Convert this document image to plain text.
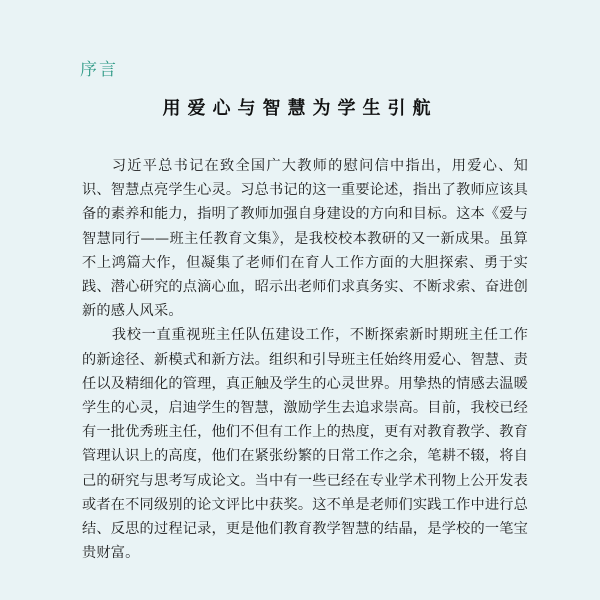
序言
用爱心与智慧为学生引航

习近平总书记在致全国广大教师的慰问信中指出，用爱心、知识、智慧点亮学生心灵。习总书记的这一重要论述，指出了教师应该具备的素养和能力，指明了教师加强自身建设的方向和目标。这本《爱与智慧同行——班主任教育文集》，是我校校本教研的又一新成果。虽算不上鸿篇大作，但凝集了老师们在育人工作方面的大胆探索、勇于实践、潜心研究的点滴心血，昭示出老师们求真务实、不断求索、奋进创新的感人风采。

我校一直重视班主任队伍建设工作，不断探索新时期班主任工作的新途径、新模式和新方法。组织和引导班主任始终用爱心、智慧、责任以及精细化的管理，真正触及学生的心灵世界。用挚热的情感去温暖学生的心灵，启迪学生的智慧，激励学生去追求崇高。目前，我校已经有一批优秀班主任，他们不但有工作上的热度，更有对教育教学、教育管理认识上的高度，他们在紧张纷繁的日常工作之余，笔耕不辍，将自己的研究与思考写成论文。当中有一些已经在专业学术刊物上公开发表或者在不同级别的论文评比中获奖。这不单是老师们实践工作中进行总结、反思的过程记录，更是他们教育教学智慧的结晶，是学校的一笔宝贵财富。
